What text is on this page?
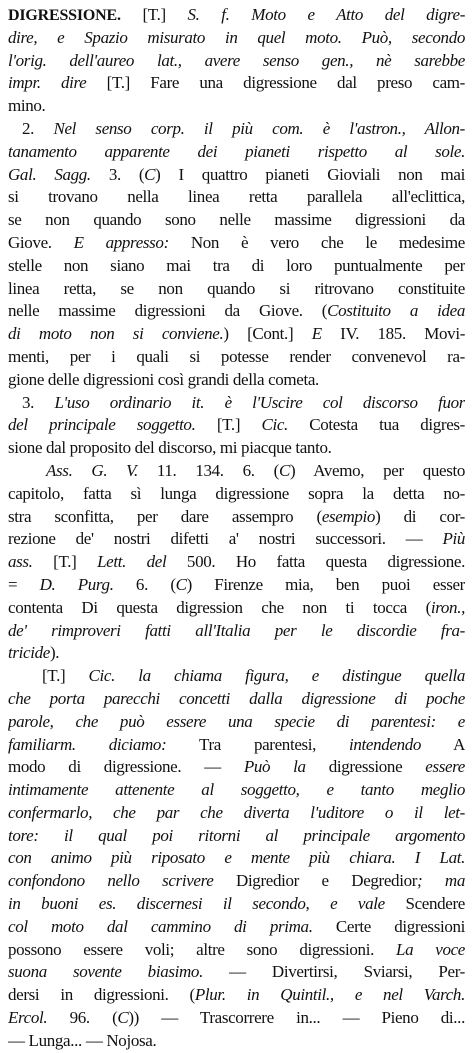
DIGRESSIONE. [T.] S. f. Moto e Atto del digre-
dire, e Spazio misurato in quel moto. Può, secondo
l'orig. dell'aureo lat., avere senso gen., nè sarebbe
impr. dire [T.] Fare una digressione dal preso cam-
mino.
2. Nel senso corp. il più com. è l'astron., Allon-
tanamento apparente dei pianeti rispetto al sole.
Gal. Sagg. 3. (C) I quattro pianeti Gioviali non mai
si trovano nella linea retta parallela all'eclittica,
se non quando sono nelle massime digressioni da
Giove. E appresso: Non è vero che le medesime
stelle non siano mai tra di loro puntualmente per
linea retta, se non quando si ritrovano constituite
nelle massime digressioni da Giove. (Costituito a idea
di moto non si conviene.) [Cont.] E IV. 185. Movi-
menti, per i quali si potesse render convenevol ra-
gione delle digressioni così grandi della cometa.
3. L'uso ordinario it. è l'Uscire col discorso fuor
del principale soggetto. [T.] Cic. Cotesta tua digres-
sione dal proposito del discorso, mi piacque tanto.
Ass. G. V. 11. 134. 6. (C) Avemo, per questo
capitolo, fatta sì lunga digressione sopra la detta no-
stra sconfitta, per dare assempro (esempio) di cor-
rezione de' nostri difetti a' nostri successori. — Più
ass. [T.] Lett. del 500. Ho fatta questa digressione.
= D. Purg. 6. (C) Firenze mia, ben puoi esser
contenta Di questa digression che non ti tocca (iron.,
de' rimproveri fatti all'Italia per le discordie fra-
tricide).
[T.] Cic. la chiama figura, e distingue quella
che porta parecchi concetti dalla digressione di poche
parole, che può essere una specie di parentesi: e
familiarm. diciamo: Tra parentesi, intendendo A
modo di digressione. — Può la digressione essere
intimamente attenente al soggetto, e tanto meglio
confermarlo, che par che diverta l'uditore o il let-
tore: il qual poi ritorni al principale argomento
con animo più riposato e mente più chiara. I Lat.
confondono nello scrivere Digredior e Degredior; ma
in buoni es. discernesi il secondo, e vale Scendere
col moto dal cammino di prima. Certe digressioni
possono essere voli; altre sono digressioni. La voce
suona sovente biasimo. — Divertirsi, Sviarsi, Per-
dersi in digressioni. (Plur. in Quintil., e nel Varch.
Ercol. 96. (C)) — Trascorrere in... — Pieno di...
— Lunga... — Nojosa.
